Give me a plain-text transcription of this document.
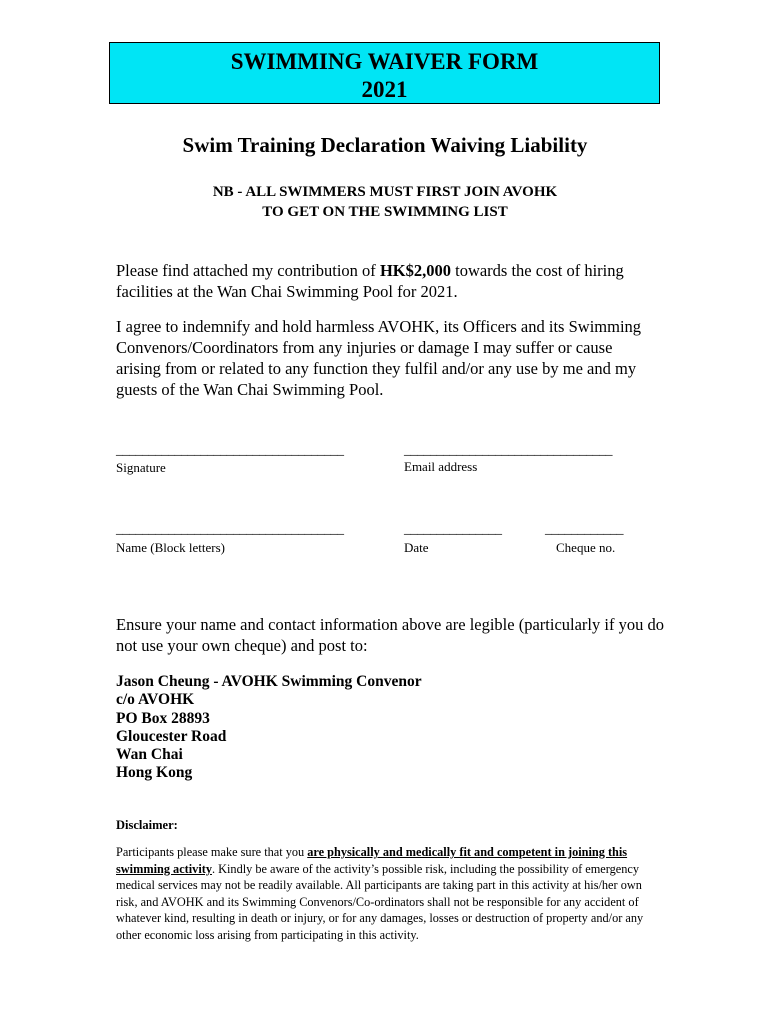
SWIMMING WAIVER FORM
2021
Swim Training Declaration Waiving Liability
NB - ALL SWIMMERS MUST FIRST JOIN AVOHK
TO GET ON THE SWIMMING LIST
Please find attached my contribution of HK$2,000 towards the cost of hiring facilities at the Wan Chai Swimming Pool for 2021.
I agree to indemnify and hold harmless AVOHK, its Officers and its Swimming Convenors/Coordinators from any injuries or damage I may suffer or cause arising from or related to any function they fulfil and/or any use by me and my guests of the Wan Chai Swimming Pool.
___________________________________	________________________________
Signature	Email address
___________________________________	_______________	____________
Name (Block letters)	Date	Cheque no.
Ensure your name and contact information above are legible (particularly if you do not use your own cheque) and post to:
Jason Cheung - AVOHK Swimming Convenor
c/o AVOHK
PO Box 28893
Gloucester Road
Wan Chai
Hong Kong
Disclaimer:
Participants please make sure that you are physically and medically fit and competent in joining this swimming activity. Kindly be aware of the activity’s possible risk, including the possibility of emergency medical services may not be readily available. All participants are taking part in this activity at his/her own risk, and AVOHK and its Swimming Convenors/Co-ordinators shall not be responsible for any accident of whatever kind, resulting in death or injury, or for any damages, losses or destruction of property and/or any other economic loss arising from participating in this activity.
